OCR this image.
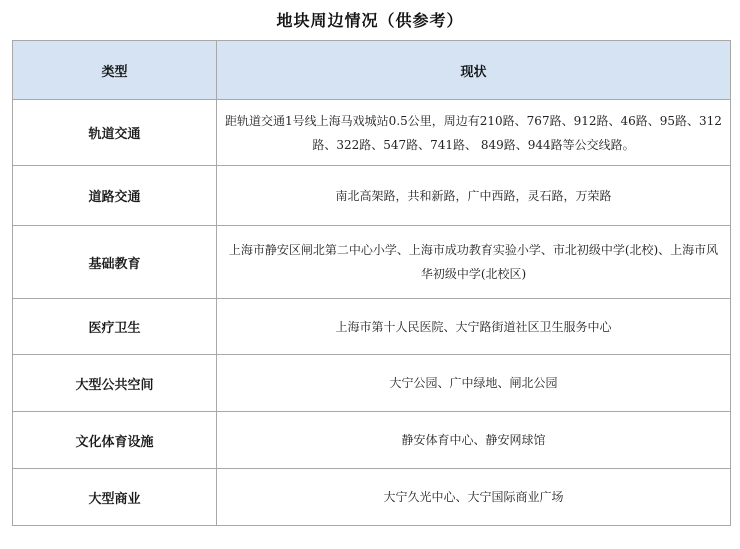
地块周边情况（供参考）
类型	现状
轨道交通	距轨道交通1号线上海马戏城站0.5公里，周边有210路、767路、912路、46路、95路、312路、322路、547路、741路、 849路、944路等公交线路。
道路交通	南北高架路，共和新路，广中西路，灵石路，万荣路
基础教育	上海市静安区闸北第二中心小学、上海市成功教育实验小学、市北初级中学(北校)、上海市风华初级中学(北校区)
医疗卫生	上海市第十人民医院、大宁路街道社区卫生服务中心
大型公共空间	大宁公园、广中绿地、闸北公园
文化体育设施	静安体育中心、静安网球馆
大型商业	大宁久光中心、大宁国际商业广场
